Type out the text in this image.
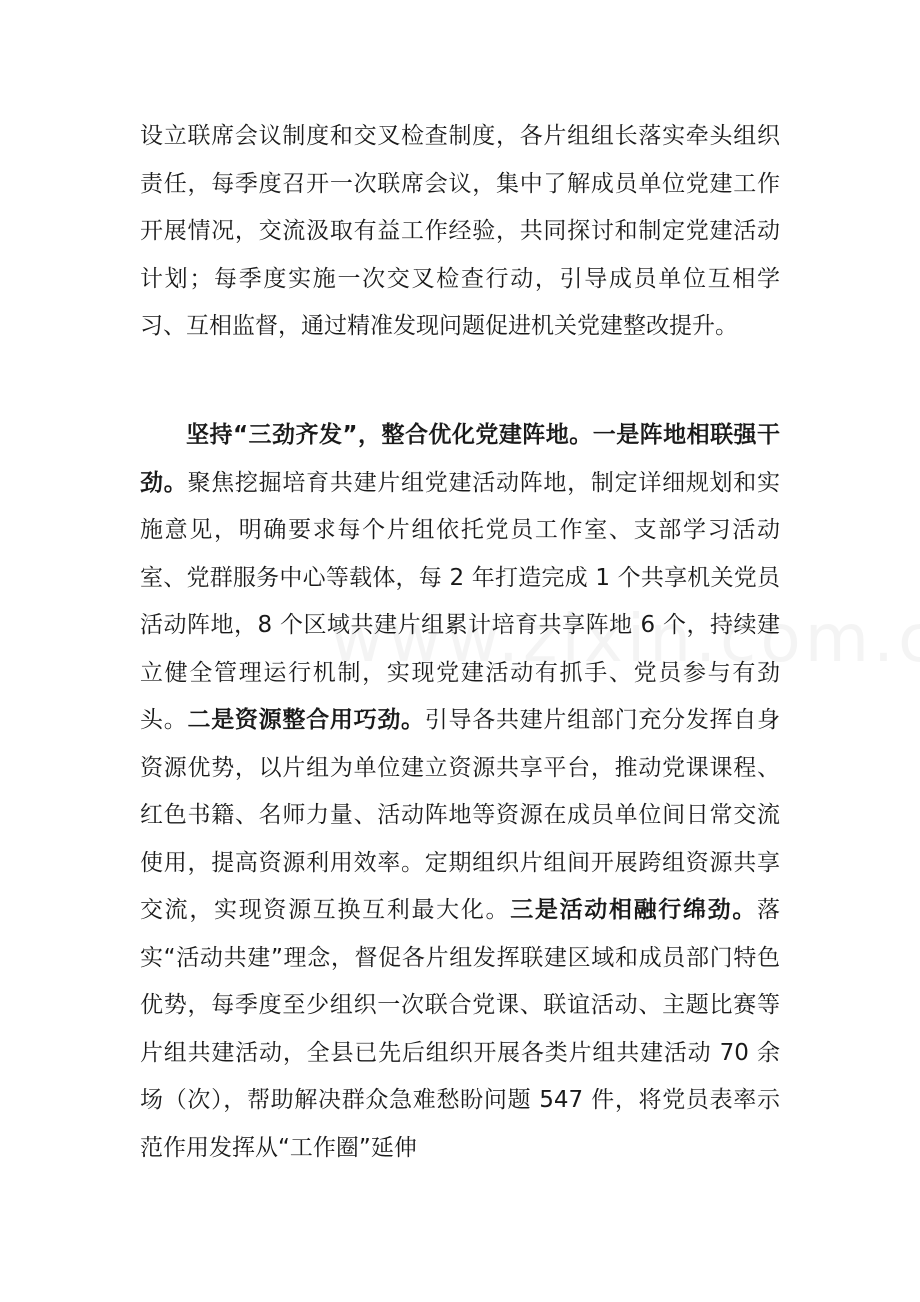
设立联席会议制度和交叉检查制度，各片组组长落实牵头组织责任，每季度召开一次联席会议，集中了解成员单位党建工作开展情况，交流汲取有益工作经验，共同探讨和制定党建活动计划；每季度实施一次交叉检查行动，引导成员单位互相学习、互相监督，通过精准发现问题促进机关党建整改提升。

坚持“三劲齐发”，整合优化党建阵地。一是阵地相联强干劲。聚焦挖掘培育共建片组党建活动阵地，制定详细规划和实施意见，明确要求每个片组依托党员工作室、支部学习活动室、党群服务中心等载体，每 2 年打造完成 1 个共享机关党员活动阵地，8 个区域共建片组累计培育共享阵地 6 个，持续建立健全管理运行机制，实现党建活动有抓手、党员参与有劲头。二是资源整合用巧劲。引导各共建片组部门充分发挥自身资源优势，以片组为单位建立资源共享平台，推动党课课程、红色书籍、名师力量、活动阵地等资源在成员单位间日常交流使用，提高资源利用效率。定期组织片组间开展跨组资源共享交流，实现资源互换互利最大化。三是活动相融行绵劲。落实“活动共建”理念，督促各片组发挥联建区域和成员部门特色优势，每季度至少组织一次联合党课、联谊活动、主题比赛等片组共建活动，全县已先后组织开展各类片组共建活动 70 余场（次），帮助解决群众急难愁盼问题 547 件，将党员表率示范作用发挥从“工作圈”延伸
